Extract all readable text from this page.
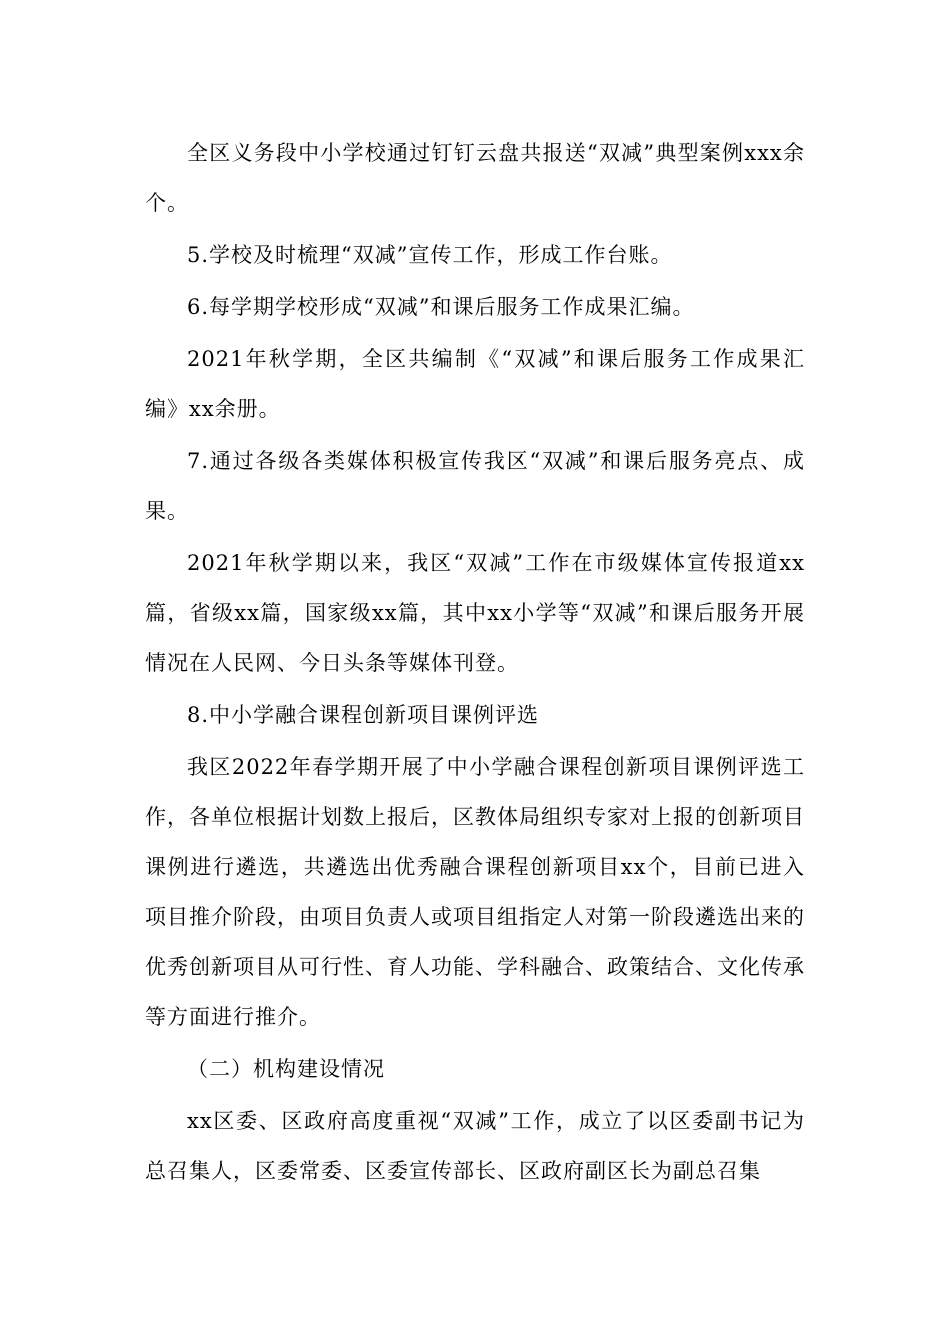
全区义务段中小学校通过钉钉云盘共报送“双减”典型案例xxx余个。

5.学校及时梳理“双减”宣传工作，形成工作台账。

6.每学期学校形成“双减”和课后服务工作成果汇编。

2021年秋学期，全区共编制《“双减”和课后服务工作成果汇编》xx余册。

7.通过各级各类媒体积极宣传我区“双减”和课后服务亮点、成果。

2021年秋学期以来，我区“双减”工作在市级媒体宣传报道xx篇，省级xx篇，国家级xx篇，其中xx小学等“双减”和课后服务开展情况在人民网、今日头条等媒体刊登。

8.中小学融合课程创新项目课例评选

我区2022年春学期开展了中小学融合课程创新项目课例评选工作，各单位根据计划数上报后，区教体局组织专家对上报的创新项目课例进行遴选，共遴选出优秀融合课程创新项目xx个，目前已进入项目推介阶段，由项目负责人或项目组指定人对第一阶段遴选出来的优秀创新项目从可行性、育人功能、学科融合、政策结合、文化传承等方面进行推介。

（二）机构建设情况

xx区委、区政府高度重视“双减”工作，成立了以区委副书记为总召集人，区委常委、区委宣传部长、区政府副区长为副总召集
